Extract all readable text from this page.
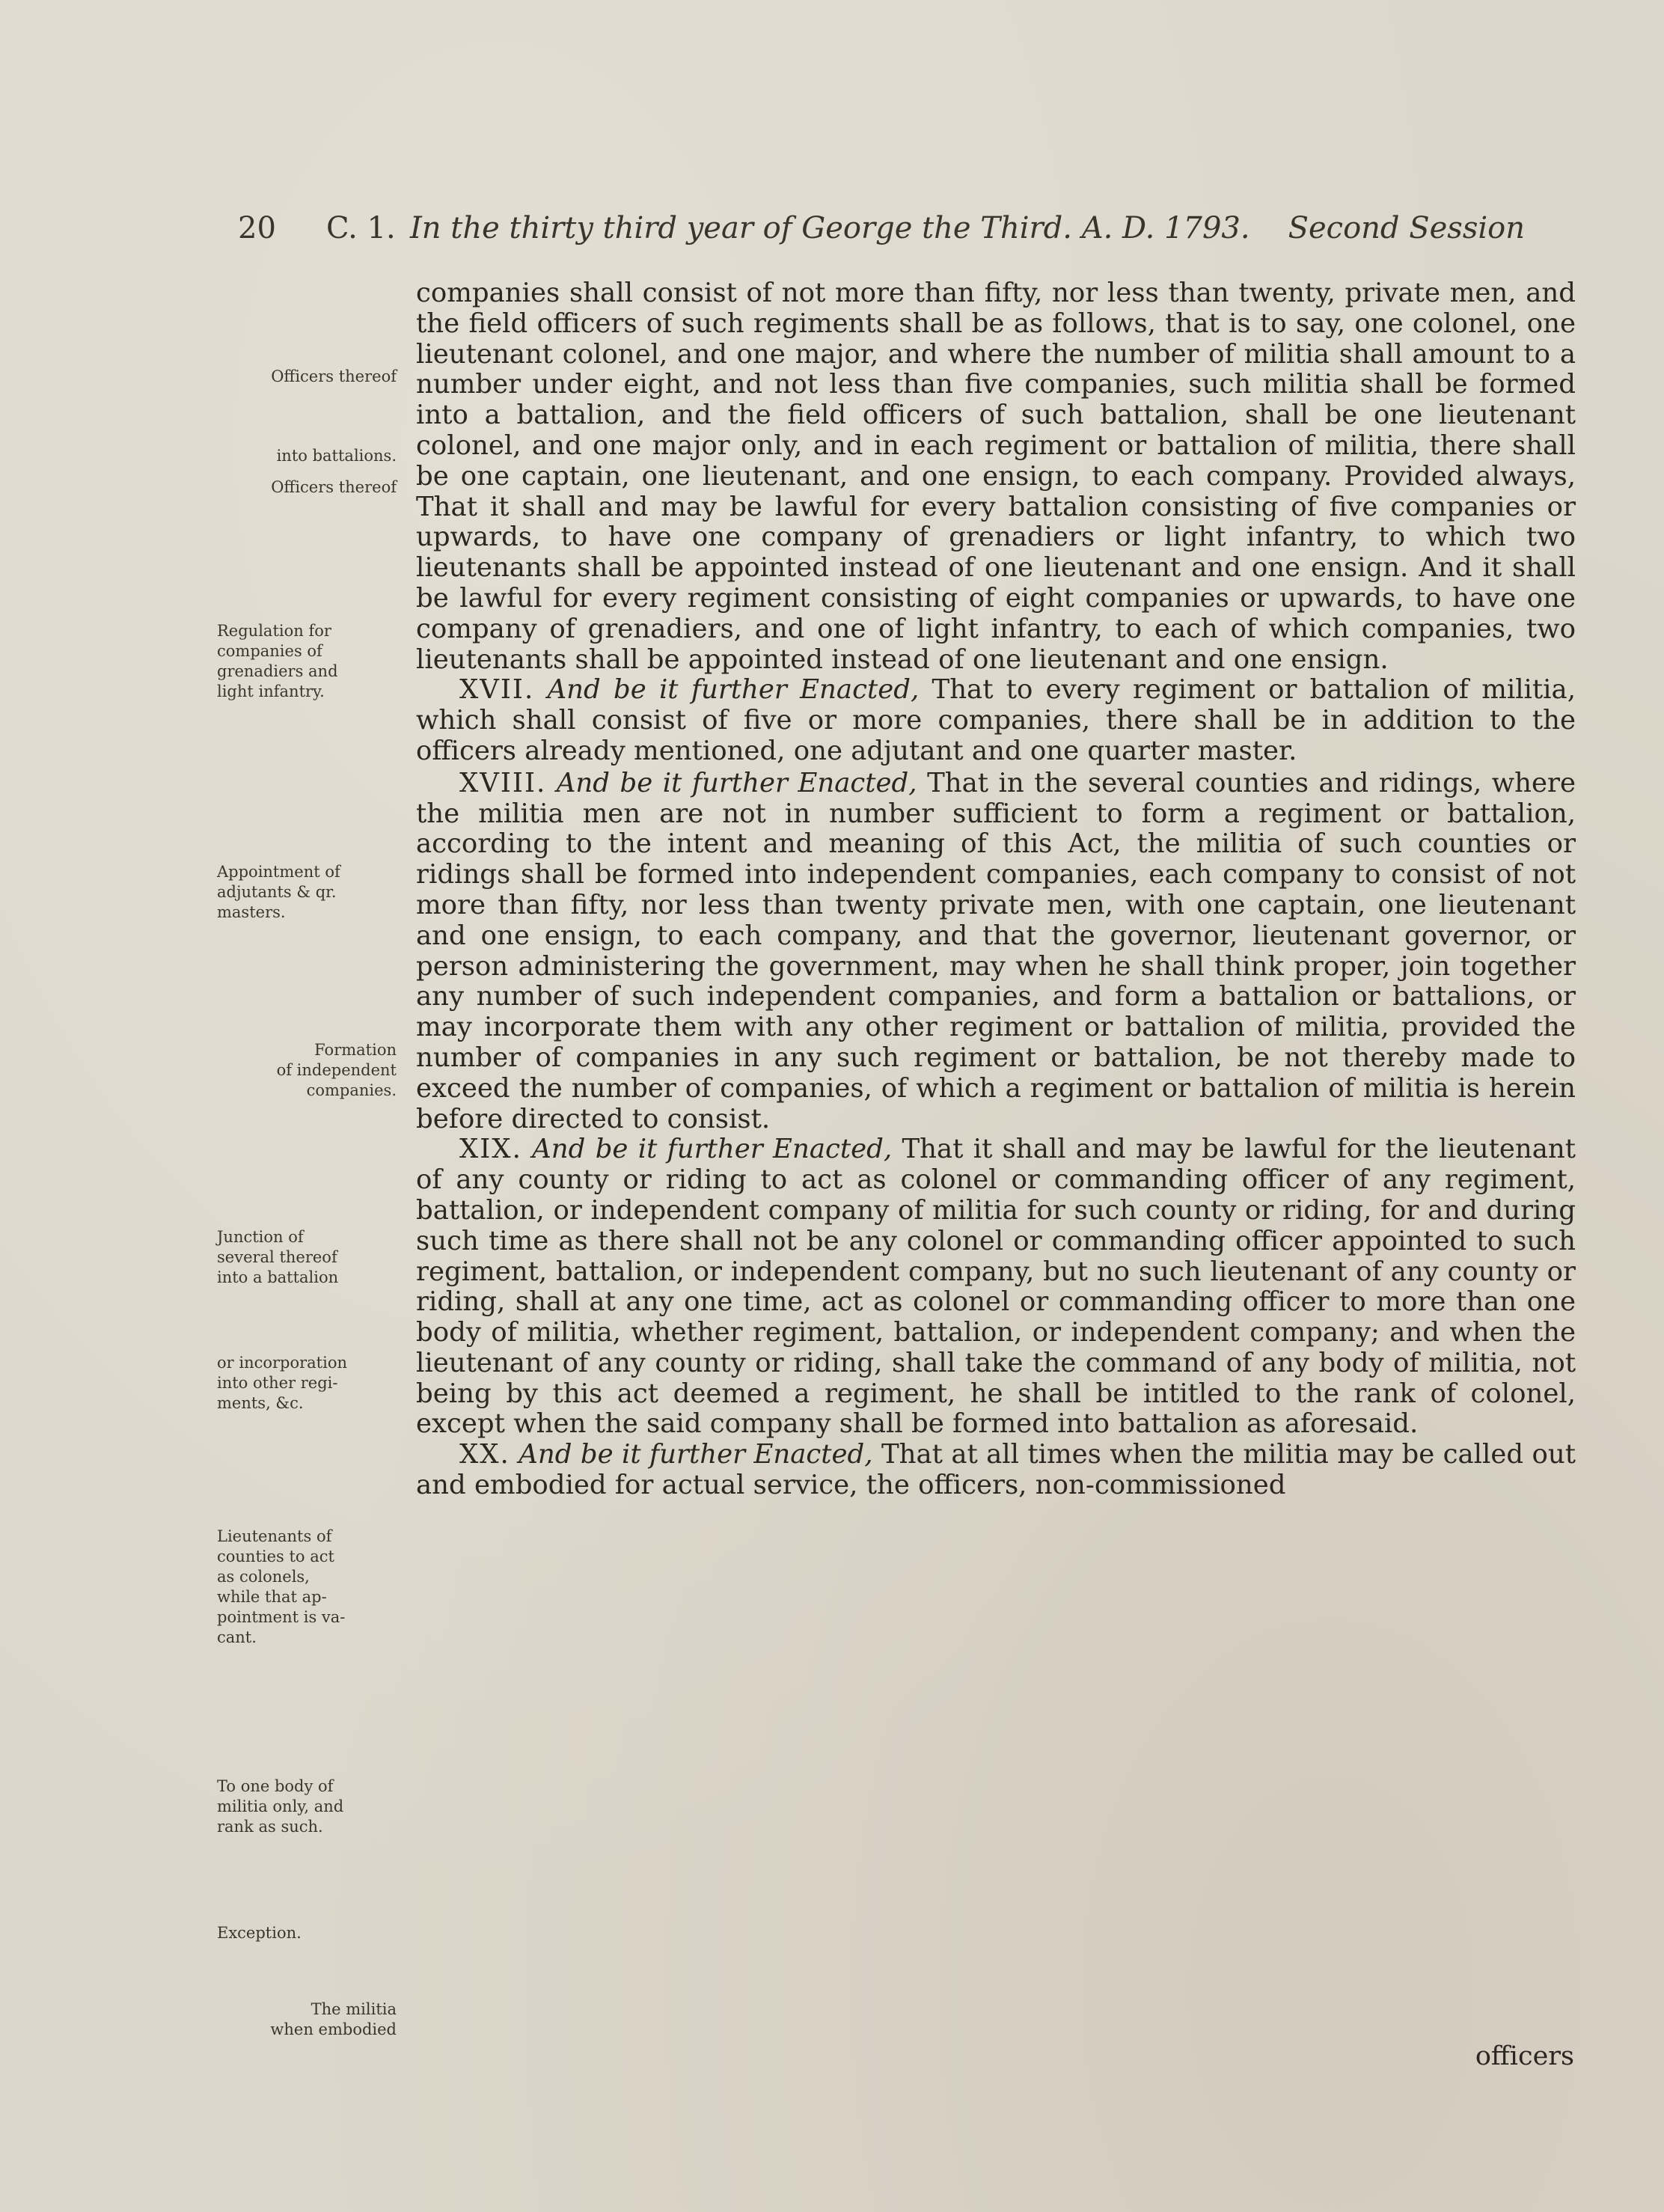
20 C. 1. In the thirty third year of George the Third. A. D. 1793. Second Session
Officers thereof
into battalions.
Officers thereof
Regulation for
companies of
grenadiers and
light infantry.
Appointment of
adjutants & qr.
masters.
Formation
of independent
companies.
Junction of
several thereof
into a battalion
or incorporation
into other regi-
ments, &c.
Lieutenants of
counties to act
as colonels,
while that ap-
pointment is va-
cant.
To one body of
militia only, and
rank as such.
Exception.
The militia
when embodied

companies shall consist of not more than fifty, nor less than twenty, private men, and the field officers of such regiments shall be as follows, that is to say, one colonel, one lieutenant colonel, and one major, and where the number of militia shall amount to a number under eight, and not less than five companies, such militia shall be formed into a battalion, and the field officers of such battalion, shall be one lieutenant colonel, and one major only, and in each regiment or battalion of militia, there shall be one captain, one lieutenant, and one ensign, to each company. Provided always, That it shall and may be lawful for every battalion consisting of five companies or upwards, to have one company of grenadiers or light infantry, to which two lieutenants shall be appointed instead of one lieutenant and one ensign. And it shall be lawful for every regiment consisting of eight companies or upwards, to have one company of grenadiers, and one of light infantry, to each of which companies, two lieutenants shall be appointed instead of one lieutenant and one ensign.

XVII. And be it further Enacted, That to every regiment or battalion of militia, which shall consist of five or more companies, there shall be in addition to the officers already mentioned, one adjutant and one quarter master.

XVIII. And be it further Enacted, That in the several counties and ridings, where the militia men are not in number sufficient to form a regiment or battalion, according to the intent and meaning of this Act, the militia of such counties or ridings shall be formed into independent companies, each company to consist of not more than fifty, nor less than twenty private men, with one captain, one lieutenant and one ensign, to each company, and that the governor, lieutenant governor, or person administering the government, may when he shall think proper, join together any number of such independent companies, and form a battalion or battalions, or may incorporate them with any other regiment or battalion of militia, provided the number of companies in any such regiment or battalion, be not thereby made to exceed the number of companies, of which a regiment or battalion of militia is herein before directed to consist.

XIX. And be it further Enacted, That it shall and may be lawful for the lieutenant of any county or riding to act as colonel or commanding officer of any regiment, battalion, or independent company of militia for such county or riding, for and during such time as there shall not be any colonel or commanding officer appointed to such regiment, battalion, or independent company, but no such lieutenant of any county or riding, shall at any one time, act as colonel or commanding officer to more than one body of militia, whether regiment, battalion, or independent company; and when the lieutenant of any county or riding, shall take the command of any body of militia, not being by this act deemed a regiment, he shall be intitled to the rank of colonel, except when the said company shall be formed into battalion as aforesaid.

XX. And be it further Enacted, That at all times when the militia may be called out and embodied for actual service, the officers, non-commissioned

officers
